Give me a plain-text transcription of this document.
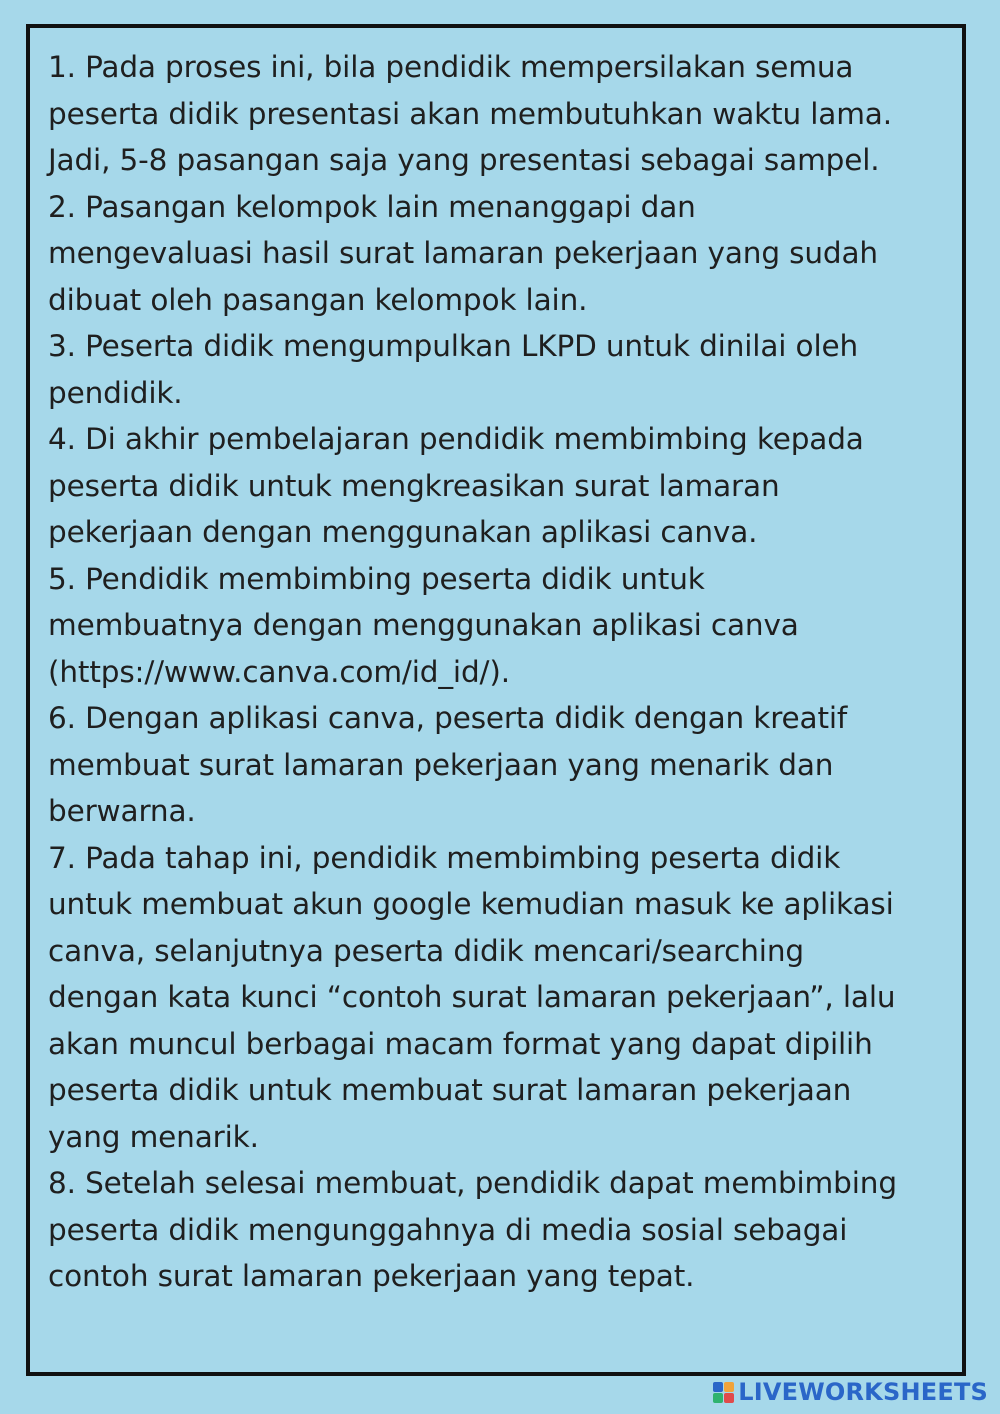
1. Pada proses ini, bila pendidik mempersilakan semua
peserta didik presentasi akan membutuhkan waktu lama.
Jadi, 5-8 pasangan saja yang presentasi sebagai sampel.
2. Pasangan kelompok lain menanggapi dan
mengevaluasi hasil surat lamaran pekerjaan yang sudah
dibuat oleh pasangan kelompok lain.
3. Peserta didik mengumpulkan LKPD untuk dinilai oleh
pendidik.
4. Di akhir pembelajaran pendidik membimbing kepada
peserta didik untuk mengkreasikan surat lamaran
pekerjaan dengan menggunakan aplikasi canva.
5. Pendidik membimbing peserta didik untuk
membuatnya dengan menggunakan aplikasi canva
(https://www.canva.com/id_id/).
6. Dengan aplikasi canva, peserta didik dengan kreatif
membuat surat lamaran pekerjaan yang menarik dan
berwarna.
7. Pada tahap ini, pendidik membimbing peserta didik
untuk membuat akun google kemudian masuk ke aplikasi
canva, selanjutnya peserta didik mencari/searching
dengan kata kunci “contoh surat lamaran pekerjaan”, lalu
akan muncul berbagai macam format yang dapat dipilih
peserta didik untuk membuat surat lamaran pekerjaan
yang menarik.
8. Setelah selesai membuat, pendidik dapat membimbing
peserta didik mengunggahnya di media sosial sebagai
contoh surat lamaran pekerjaan yang tepat.
LIVEWORKSHEETS
